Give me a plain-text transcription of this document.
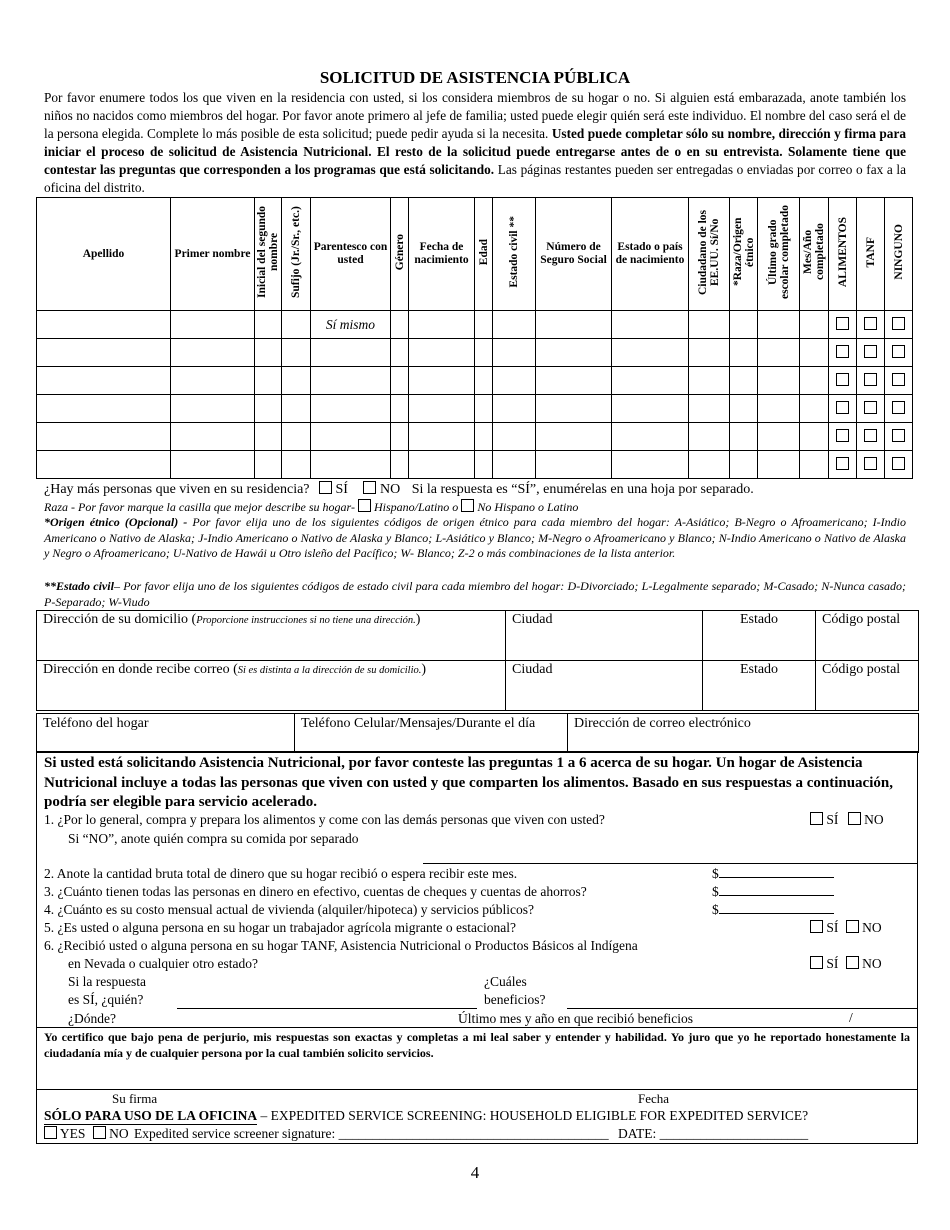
SOLICITUD DE ASISTENCIA PÚBLICA
Por favor enumere todos los que viven en la residencia con usted, si los considera miembros de su hogar o no. Si alguien está embarazada, anote también los niños no nacidos como miembros del hogar. Por favor anote primero al jefe de familia; usted puede elegir quién será este individuo. El nombre del caso será el de la persona elegida. Complete lo más posible de esta solicitud; puede pedir ayuda si la necesita. Usted puede completar sólo su nombre, dirección y firma para iniciar el proceso de solicitud de Asistencia Nutricional. El resto de la solicitud puede entregarse antes de o en su entrevista. Solamente tiene que contestar las preguntas que corresponden a los programas que está solicitando. Las páginas restantes pueden ser entregadas o enviadas por correo o fax a la oficina del distrito.
Apellido	Primer nombre	Inicial del segundo nombre	Sufijo (Jr./Sr., etc.)	Parentesco con usted	Género	Fecha de nacimiento	Edad	Estado civil **	Número de Seguro Social	Estado o país de nacimiento	Ciudadano de los EE.UU. Sí/No	*Raza/Origen étnico	Último grado escolar completado	Mes/Año completado	ALIMENTOS	TANF	NINGUNO
				Sí mismo													

¿Hay más personas que viven en su residencia? SÍ NO Si la respuesta es “SÍ”, enumérelas en una hoja por separado.
Raza - Por favor marque la casilla que mejor describe su hogar- Hispano/Latino o No Hispano o Latino
*Origen étnico (Opcional) - Por favor elija uno de los siguientes códigos de origen étnico para cada miembro del hogar: A-Asiático; B-Negro o Afroamericano; I-Indio Americano o Nativo de Alaska; J-Indio Americano o Nativo de Alaska y Blanco; L-Asiático y Blanco; M-Negro o Afroamericano y Blanco; N-Indio Americano o Nativo de Alaska y Negro o Afroamericano; U-Nativo de Hawái u Otro isleño del Pacífico; W- Blanco; Z-2 o más combinaciones de la lista anterior.
**Estado civil– Por favor elija uno de los siguientes códigos de estado civil para cada miembro del hogar: D-Divorciado; L-Legalmente separado; M-Casado; N-Nunca casado; P-Separado; W-Viudo
Dirección de su domicilio (Proporcione instrucciones si no tiene una dirección.)	Ciudad	Estado	Código postal
Dirección en donde recibe correo (Si es distinta a la dirección de su domicilio.)	Ciudad	Estado	Código postal
Teléfono del hogar	Teléfono Celular/Mensajes/Durante el día	Dirección de correo electrónico
Si usted está solicitando Asistencia Nutricional, por favor conteste las preguntas 1 a 6 acerca de su hogar. Un hogar de Asistencia Nutricional incluye a todas las personas que viven con usted y que comparten los alimentos. Basado en sus respuestas a continuación, podría ser elegible para servicio acelerado.
1. ¿Por lo general, compra y prepara los alimentos y come con las demás personas que viven con usted?	SÍ NO
Si “NO”, anote quién compra su comida por separado
2. Anote la cantidad bruta total de dinero que su hogar recibió o espera recibir este mes.	$
3. ¿Cuánto tienen todas las personas en dinero en efectivo, cuentas de cheques y cuentas de ahorros?	$
4. ¿Cuánto es su costo mensual actual de vivienda (alquiler/hipoteca) y servicios públicos?	$
5. ¿Es usted o alguna persona en su hogar un trabajador agrícola migrante o estacional?	SÍ NO
6. ¿Recibió usted o alguna persona en su hogar TANF, Asistencia Nutricional o Productos Básicos al Indígena
en Nevada o cualquier otro estado?	SÍ NO
Si la respuesta
es SÍ, ¿quién?
¿Cuáles
beneficios?
¿Dónde?	Último mes y año en que recibió beneficios	/
Yo certifico que bajo pena de perjurio, mis respuestas son exactas y completas a mi leal saber y entender y habilidad. Yo juro que yo he reportado honestamente la ciudadanía mía y de cualquier persona por la cual también solicito servicios.
Su firma	Fecha
SÓLO PARA USO DE LA OFICINA – EXPEDITED SERVICE SCREENING: HOUSEHOLD ELIGIBLE FOR EXPEDITED SERVICE?
YES NO Expedited service screener signature: ________________________________________ DATE: ______________________
4
